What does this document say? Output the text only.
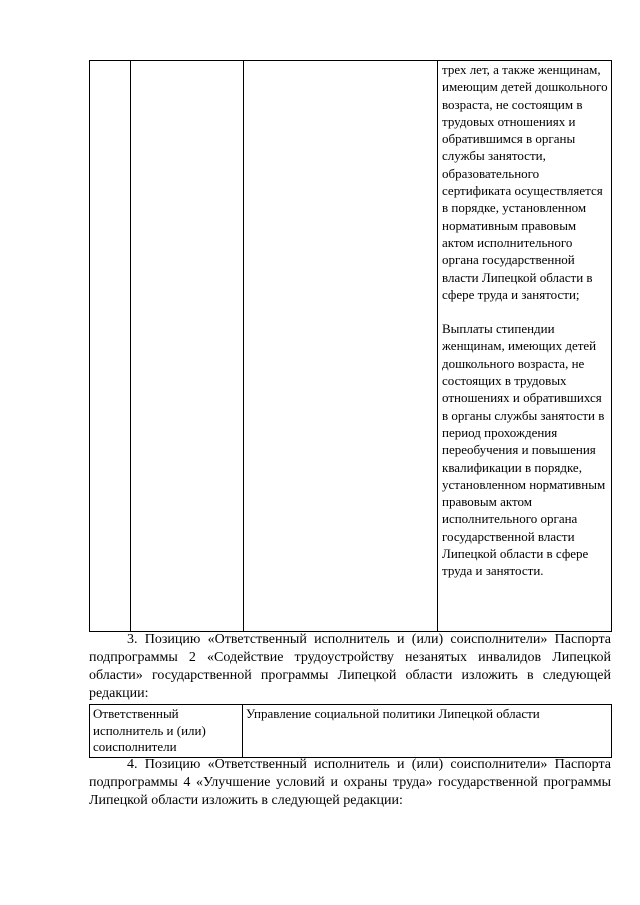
трех лет, а также женщинам, имеющим детей дошкольного возраста, не состоящим в трудовых отношениях и обратившимся в органы службы занятости, образовательного сертификата осуществляется в порядке, установленном нормативным правовым актом исполнительного органа государственной власти Липецкой области в сфере труда и занятости;

Выплаты стипендии женщинам, имеющих детей дошкольного возраста, не состоящих в трудовых отношениях и обратившихся в органы службы занятости в период прохождения переобучения и повышения квалификации в порядке, установленном нормативным правовым актом исполнительного органа государственной власти Липецкой области в сфере труда и занятости.

3. Позицию «Ответственный исполнитель и (или) соисполнители» Паспорта подпрограммы 2 «Содействие трудоустройству незанятых инвалидов Липецкой области» государственной программы Липецкой области изложить в следующей редакции:

Ответственный исполнитель и (или) соисполнители	Управление социальной политики Липецкой области

4. Позицию «Ответственный исполнитель и (или) соисполнители» Паспорта подпрограммы 4 «Улучшение условий и охраны труда» государственной программы Липецкой области изложить в следующей редакции:
